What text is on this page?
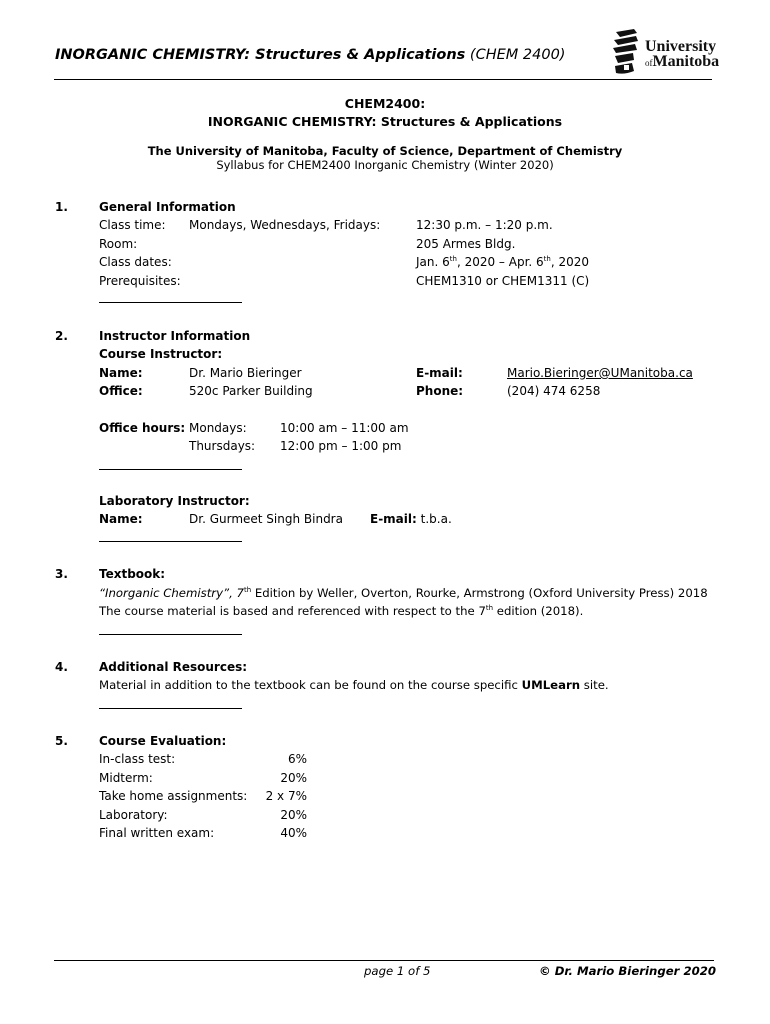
INORGANIC CHEMISTRY: Structures & Applications (CHEM 2400)	University
ofManitoba
CHEM2400:
INORGANIC CHEMISTRY: Structures & Applications
The University of Manitoba, Faculty of Science, Department of Chemistry
Syllabus for CHEM2400 Inorganic Chemistry (Winter 2020)
1.	General Information
Class time: Mondays, Wednesdays, Fridays:	12:30 p.m. – 1:20 p.m.
Room:	205 Armes Bldg.
Class dates:	Jan. 6th, 2020 – Apr. 6th, 2020
Prerequisites:	CHEM1310 or CHEM1311 (C)
2.	Instructor Information
Course Instructor:
Name:	Dr. Mario Bieringer	E-mail:	Mario.Bieringer@UManitoba.ca
Office:	520c Parker Building	Phone:	(204) 474 6258
Office hours: Mondays:	10:00 am – 11:00 am
Thursdays: 12:00 pm – 1:00 pm
Laboratory Instructor:
Name:	Dr. Gurmeet Singh Bindra E-mail: t.b.a.
3.	Textbook:
“Inorganic Chemistry”, 7th Edition by Weller, Overton, Rourke, Armstrong (Oxford University Press) 2018
The course material is based and referenced with respect to the 7th edition (2018).
4.	Additional Resources:
Material in addition to the textbook can be found on the course specific UMLearn site.
5.	Course Evaluation:
In-class test:	6%
Midterm:	20%
Take home assignments: 2 x 7%
Laboratory:	20%
Final written exam:	40%
page 1 of 5	© Dr. Mario Bieringer 2020
